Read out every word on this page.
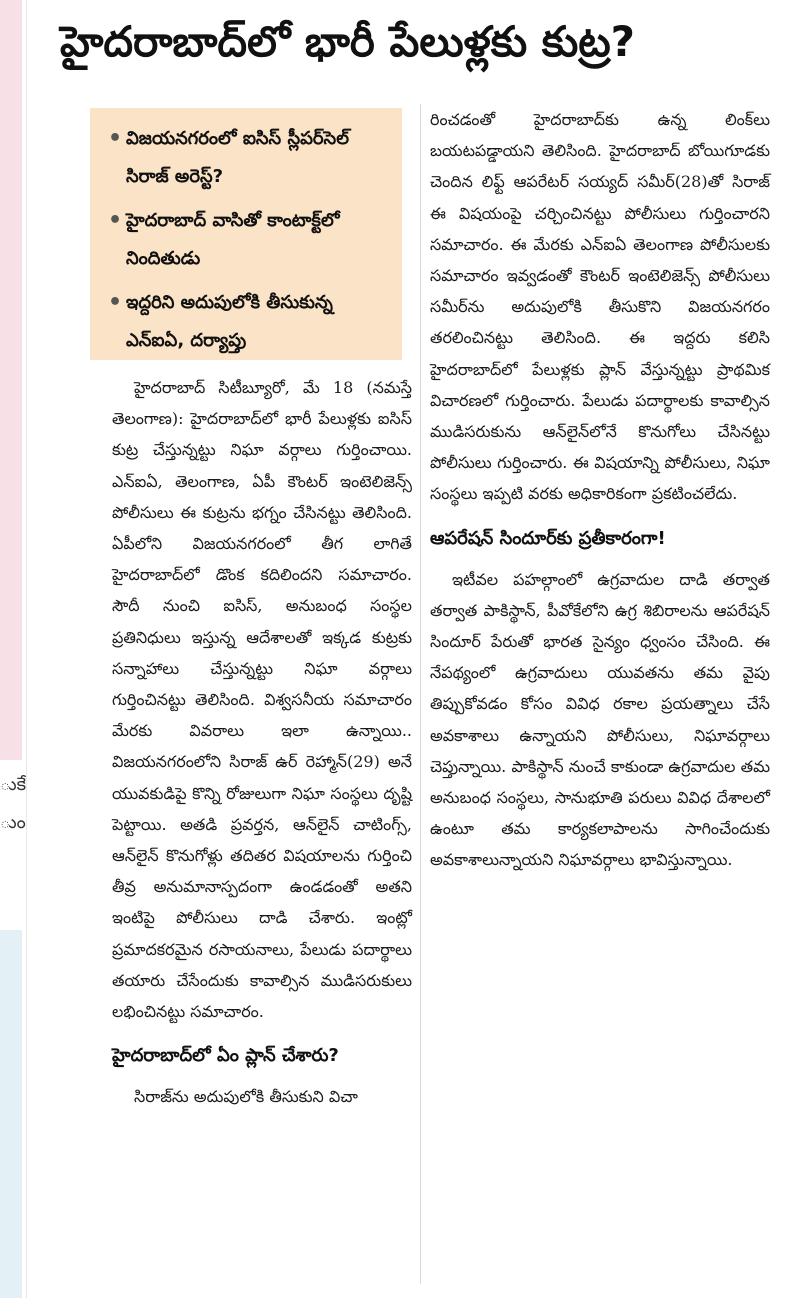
ుకే
ుం
హైదరాబాద్‌లో భారీ పేలుళ్లకు కుట్ర?
• విజయనగరంలో ఐసిస్‌ స్లీపర్‌సెల్‌ సిరాజ్‌ అరెస్ట్‌?
• హైదరాబాద్‌ వాసితో కాంటాక్ట్‌లో నిందితుడు
• ఇద్దరిని అదుపులోకి తీసుకున్న ఎన్‌ఐఏ, దర్యాప్తు

హైదరాబాద్‌ సిటీబ్యూరో, మే 18 (నమస్తే తెలంగాణ): హైదరాబాద్‌లో భారీ పేలుళ్లకు ఐసిస్‌ కుట్ర చేస్తున్నట్టు నిఘా వర్గాలు గుర్తించాయి. ఎన్‌ఐఏ, తెలంగాణ, ఏపీ కౌంటర్‌ ఇంటెలిజెన్స్‌ పోలీసులు ఈ కుట్రను భగ్నం చేసినట్టు తెలిసింది. ఏపీలోని విజయనగరంలో తీగ లాగితే హైదరాబాద్‌లో డొంక కదిలిందని సమాచారం. సౌదీ నుంచి ఐసిస్‌, అనుబంధ సంస్థల ప్రతినిధులు ఇస్తున్న ఆదేశాలతో ఇక్కడ కుట్రకు సన్నాహాలు చేస్తున్నట్టు నిఘా వర్గాలు గుర్తించినట్టు తెలిసింది. విశ్వసనీయ సమాచారం మేరకు వివరాలు ఇలా ఉన్నాయి.. విజయనగరంలోని సిరాజ్‌ ఉర్‌ రెహ్మాన్‌(29) అనే యువకుడిపై కొన్ని రోజులుగా నిఘా సంస్థలు దృష్టి పెట్టాయి. అతడి ప్రవర్తన, ఆన్‌లైన్‌ చాటింగ్స్‌, ఆన్‌లైన్‌ కొనుగోళ్లు తదితర విషయాలను గుర్తించి తీవ్ర అనుమానాస్పదంగా ఉండడంతో అతని ఇంటిపై పోలీసులు దాడి చేశారు. ఇంట్లో ప్రమాదకరమైన రసాయనాలు, పేలుడు పదార్థాలు తయారు చేసేందుకు కావాల్సిన ముడిసరుకులు లభించినట్టు సమాచారం.

హైదరాబాద్‌లో ఏం ప్లాన్‌ చేశారు?

సిరాజ్‌ను అదుపులోకి తీసుకుని విచా

రించడంతో హైదరాబాద్‌కు ఉన్న లింక్‌లు బయటపడ్డాయని తెలిసింది. హైదరాబాద్‌ బోయిగూడకు చెందిన లిఫ్ట్‌ ఆపరేటర్‌ సయ్యద్‌ సమీర్‌(28)తో సిరాజ్‌ ఈ విషయంపై చర్చించినట్టు పోలీసులు గుర్తించారని సమాచారం. ఈ మేరకు ఎన్‌ఐఏ తెలంగాణ పోలీసులకు సమాచారం ఇవ్వడంతో కౌంటర్‌ ఇంటెలిజెన్స్‌ పోలీసులు సమీర్‌ను అదుపులోకి తీసుకొని విజయనగరం తరలించినట్టు తెలిసింది. ఈ ఇద్దరు కలిసి హైదరాబాద్‌లో పేలుళ్లకు ప్లాన్‌ వేస్తున్నట్టు ప్రాథమిక విచారణలో గుర్తించారు. పేలుడు పదార్థాలకు కావాల్సిన ముడిసరుకును ఆన్‌లైన్‌లోనే కొనుగోలు చేసినట్టు పోలీసులు గుర్తించారు. ఈ విషయాన్ని పోలీసులు, నిఘా సంస్థలు ఇప్పటి వరకు అధికారికంగా ప్రకటించలేదు.

ఆపరేషన్‌ సిందూర్‌కు ప్రతీకారంగా!

ఇటీవల పహల్గాంలో ఉగ్రవాదుల దాడి తర్వాత తర్వాత పాకిస్థాన్‌, పీవోకేలోని ఉగ్ర శిబిరాలను ఆపరేషన్‌ సిందూర్‌ పేరుతో భారత సైన్యం ధ్వంసం చేసింది. ఈ నేపథ్యంలో ఉగ్రవాదులు యువతను తమ వైపు తిప్పుకోవడం కోసం వివిధ రకాల ప్రయత్నాలు చేసే అవకాశాలు ఉన్నాయని పోలీసులు, నిఘావర్గాలు చెప్తున్నాయి. పాకిస్థాన్‌ నుంచే కాకుండా ఉగ్రవాదుల తమ అనుబంధ సంస్థలు, సానుభూతి పరులు వివిధ దేశాలలో ఉంటూ తమ కార్యకలాపాలను సాగించేందుకు అవకాశాలున్నాయని నిఘావర్గాలు భావిస్తున్నాయి.
